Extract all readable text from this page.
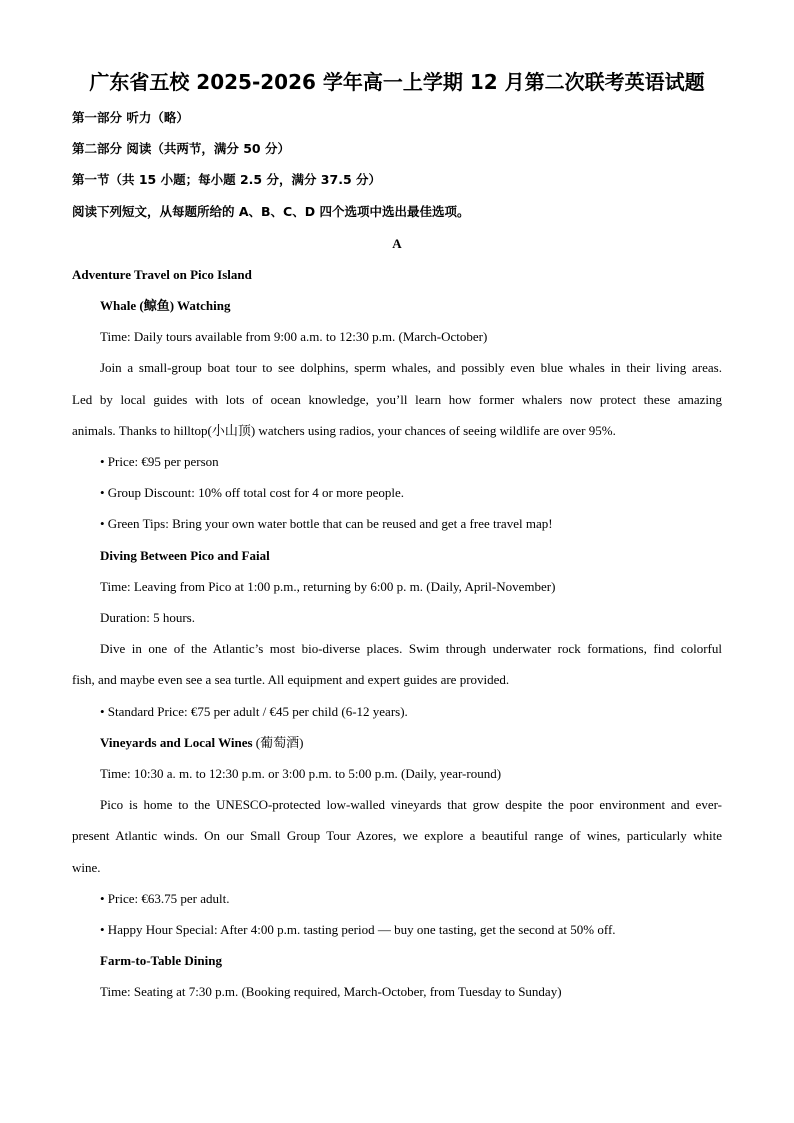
广东省五校 2025-2026 学年高一上学期 12 月第二次联考英语试题
第一部分 听力（略）
第二部分 阅读（共两节，满分 50 分）
第一节（共 15 小题；每小题 2.5 分，满分 37.5 分）
阅读下列短文，从每题所给的 A、B、C、D 四个选项中选出最佳选项。
A
Adventure Travel on Pico Island
Whale (鲸鱼) Watching
Time: Daily tours available from 9:00 a.m. to 12:30 p.m. (March-October)
Join a small-group boat tour to see dolphins, sperm whales, and possibly even blue whales in their living areas.
Led by local guides with lots of ocean knowledge, you’ll learn how former whalers now protect these amazing
animals. Thanks to hilltop(小山顶) watchers using radios, your chances of seeing wildlife are over 95%.
• Price: €95 per person
• Group Discount: 10% off total cost for 4 or more people.
• Green Tips: Bring your own water bottle that can be reused and get a free travel map!
Diving Between Pico and Faial
Time: Leaving from Pico at 1:00 p.m., returning by 6:00 p. m. (Daily, April-November)
Duration: 5 hours.
Dive in one of the Atlantic’s most bio-diverse places. Swim through underwater rock formations, find colorful
fish, and maybe even see a sea turtle. All equipment and expert guides are provided.
• Standard Price: €75 per adult / €45 per child (6-12 years).
Vineyards and Local Wines (葡萄酒)
Time: 10:30 a. m. to 12:30 p.m. or 3:00 p.m. to 5:00 p.m. (Daily, year-round)
Pico is home to the UNESCO-protected low-walled vineyards that grow despite the poor environment and ever-
present Atlantic winds. On our Small Group Tour Azores, we explore a beautiful range of wines, particularly white
wine.
• Price: €63.75 per adult.
• Happy Hour Special: After 4:00 p.m. tasting period — buy one tasting, get the second at 50% off.
Farm-to-Table Dining
Time: Seating at 7:30 p.m. (Booking required, March-October, from Tuesday to Sunday)
